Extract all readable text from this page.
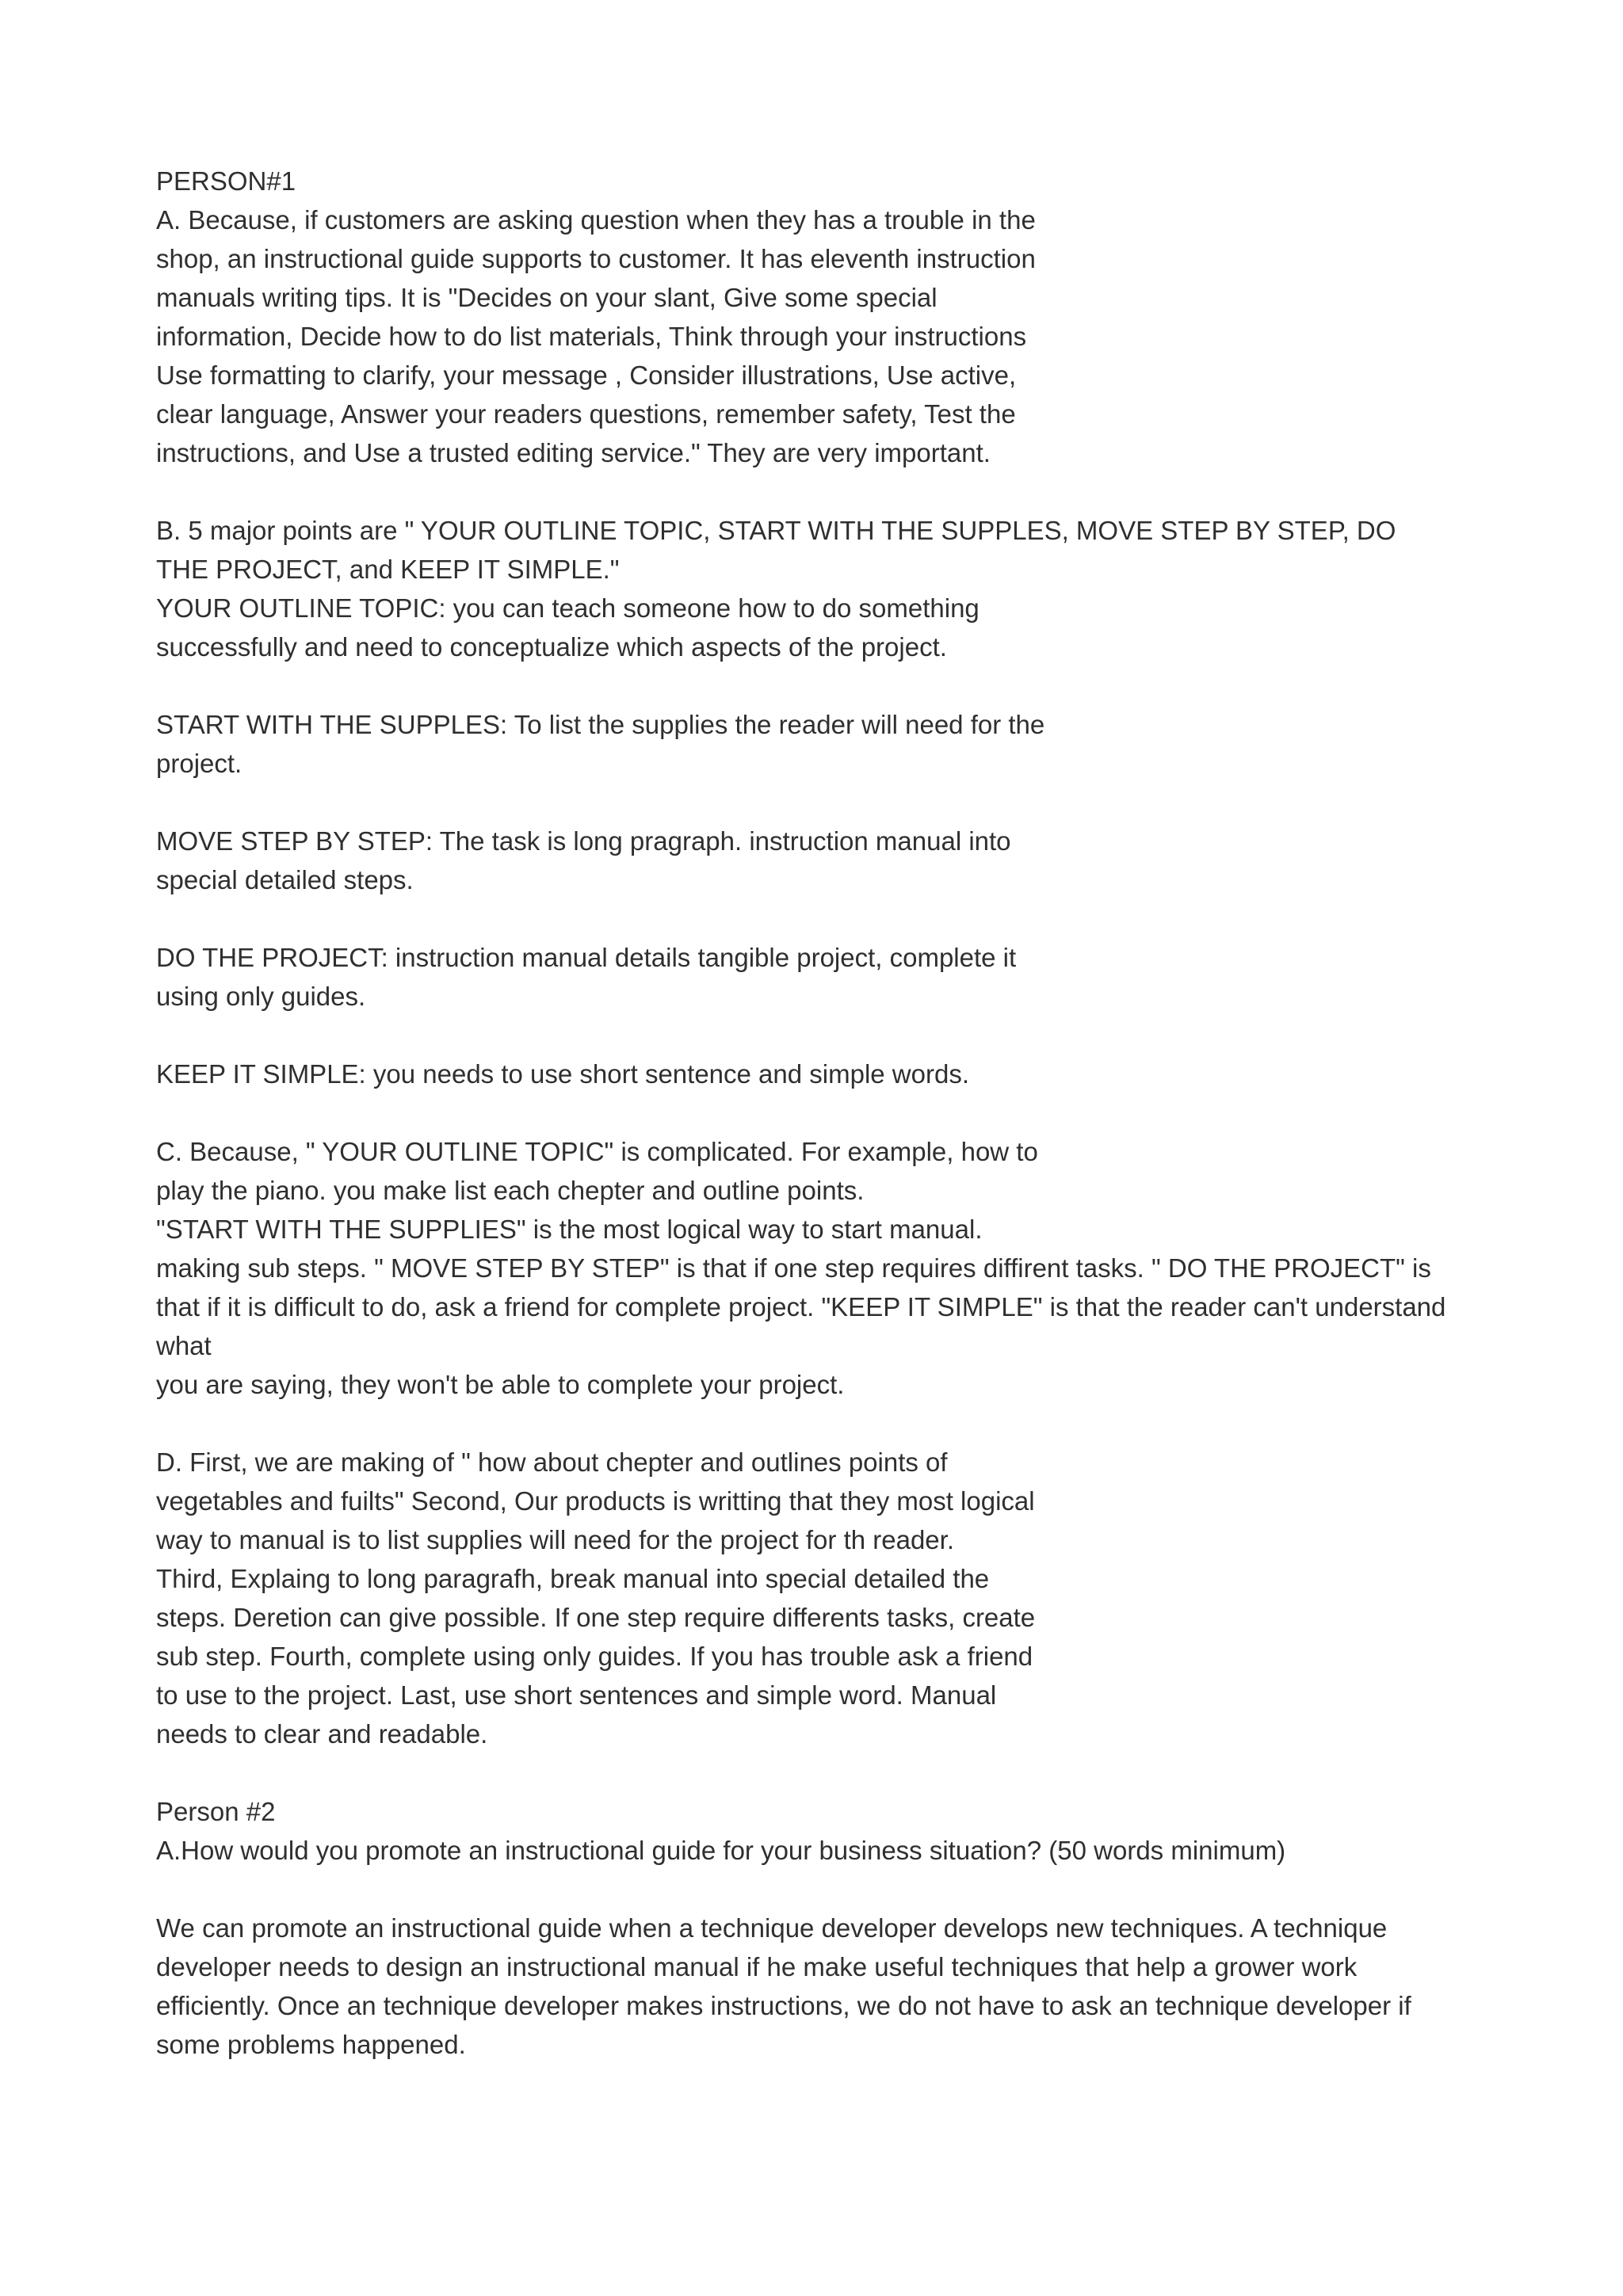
PERSON#1
A. Because, if customers are asking question when they has a trouble in the
shop, an instructional guide supports to customer. It has eleventh instruction
manuals writing tips. It is "Decides on your slant, Give some special
information, Decide how to do list materials, Think through your instructions
Use formatting to clarify, your message , Consider illustrations, Use active,
clear language, Answer your readers questions, remember safety, Test the
instructions, and Use a trusted editing service." They are very important.
B. 5 major points are " YOUR OUTLINE TOPIC, START WITH THE SUPPLES, MOVE STEP BY STEP, DO
THE PROJECT, and KEEP IT SIMPLE."
YOUR OUTLINE TOPIC: you can teach someone how to do something
successfully and need to conceptualize which aspects of the project.
START WITH THE SUPPLES: To list the supplies the reader will need for the
project.
MOVE STEP BY STEP: The task is long pragraph. instruction manual into
special detailed steps.
DO THE PROJECT: instruction manual details tangible project, complete it
using only guides.
KEEP IT SIMPLE: you needs to use short sentence and simple words.
C. Because, " YOUR OUTLINE TOPIC" is complicated. For example, how to
play the piano. you make list each chepter and outline points.
"START WITH THE SUPPLIES" is the most logical way to start manual.
making sub steps. " MOVE STEP BY STEP" is that if one step requires diffirent tasks. " DO THE PROJECT" is
that if it is difficult to do, ask a friend for complete project. "KEEP IT SIMPLE" is that the reader can't understand
what
you are saying, they won't be able to complete your project.
D. First, we are making of " how about chepter and outlines points of
vegetables and fuilts" Second, Our products is writting that they most logical
way to manual is to list supplies will need for the project for th reader.
Third, Explaing to long paragrafh, break manual into special detailed the
steps. Deretion can give possible. If one step require differents tasks, create
sub step. Fourth, complete using only guides. If you has trouble ask a friend
to use to the project. Last, use short sentences and simple word. Manual
needs to clear and readable.
Person #2
A.How would you promote an instructional guide for your business situation? (50 words minimum)
We can promote an instructional guide when a technique developer develops new techniques. A technique
developer needs to design an instructional manual if he make useful techniques that help a grower work
efficiently. Once an technique developer makes instructions, we do not have to ask an technique developer if
some problems happened.
